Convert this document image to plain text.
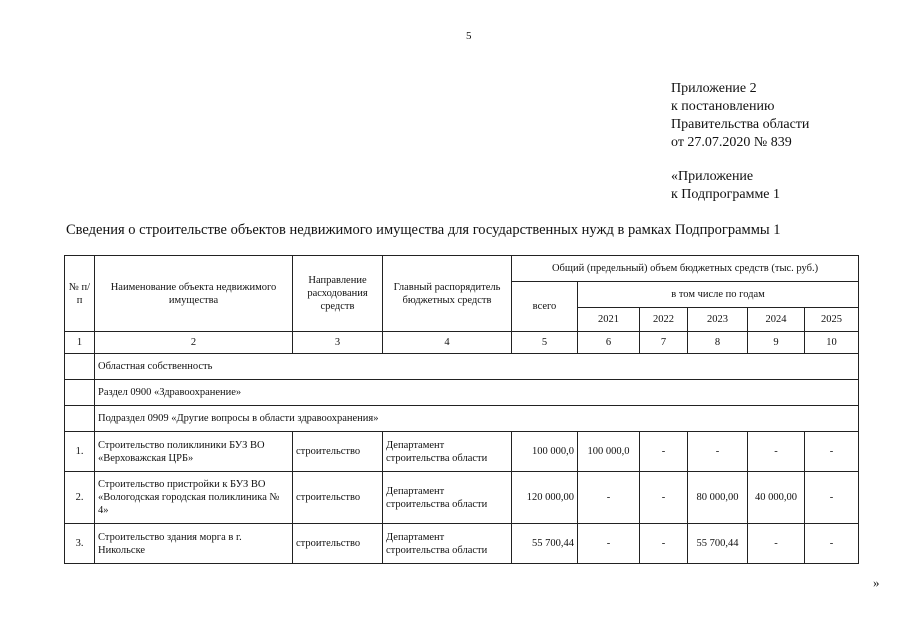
5
Приложение 2
к постановлению
Правительства области
от 27.07.2020 № 839
«Приложение
к Подпрограмме 1
Сведения о строительстве объектов недвижимого имущества для государственных нужд в рамках Подпрограммы 1
№ п/п	Наименование объекта недвижимого имущества	Направление расходования средств	Главный распорядитель бюджетных средств	Общий (предельный) объем бюджетных средств (тыс. руб.)					
				всего	в том числе по годам				
					2021	2022	2023	2024	2025
1	2	3	4	5	6	7	8	9	10
	Областная собственность								
	Раздел 0900 «Здравоохранение»								
	Подраздел 0909 «Другие вопросы в области здравоохранения»								
1.	Строительство поликлиники БУЗ ВО «Верховажская ЦРБ»	строительство	Департамент строительства области	100 000,0	100 000,0	-	-	-	-
2.	Строительство пристройки к БУЗ ВО «Вологодская городская поликлиника № 4»	строительство	Департамент строительства области	120 000,00	-	-	80 000,00	40 000,00	-
3.	Строительство здания морга в г. Никольске	строительство	Департамент строительства области	55 700,44	-	-	55 700,44	-	-
»
